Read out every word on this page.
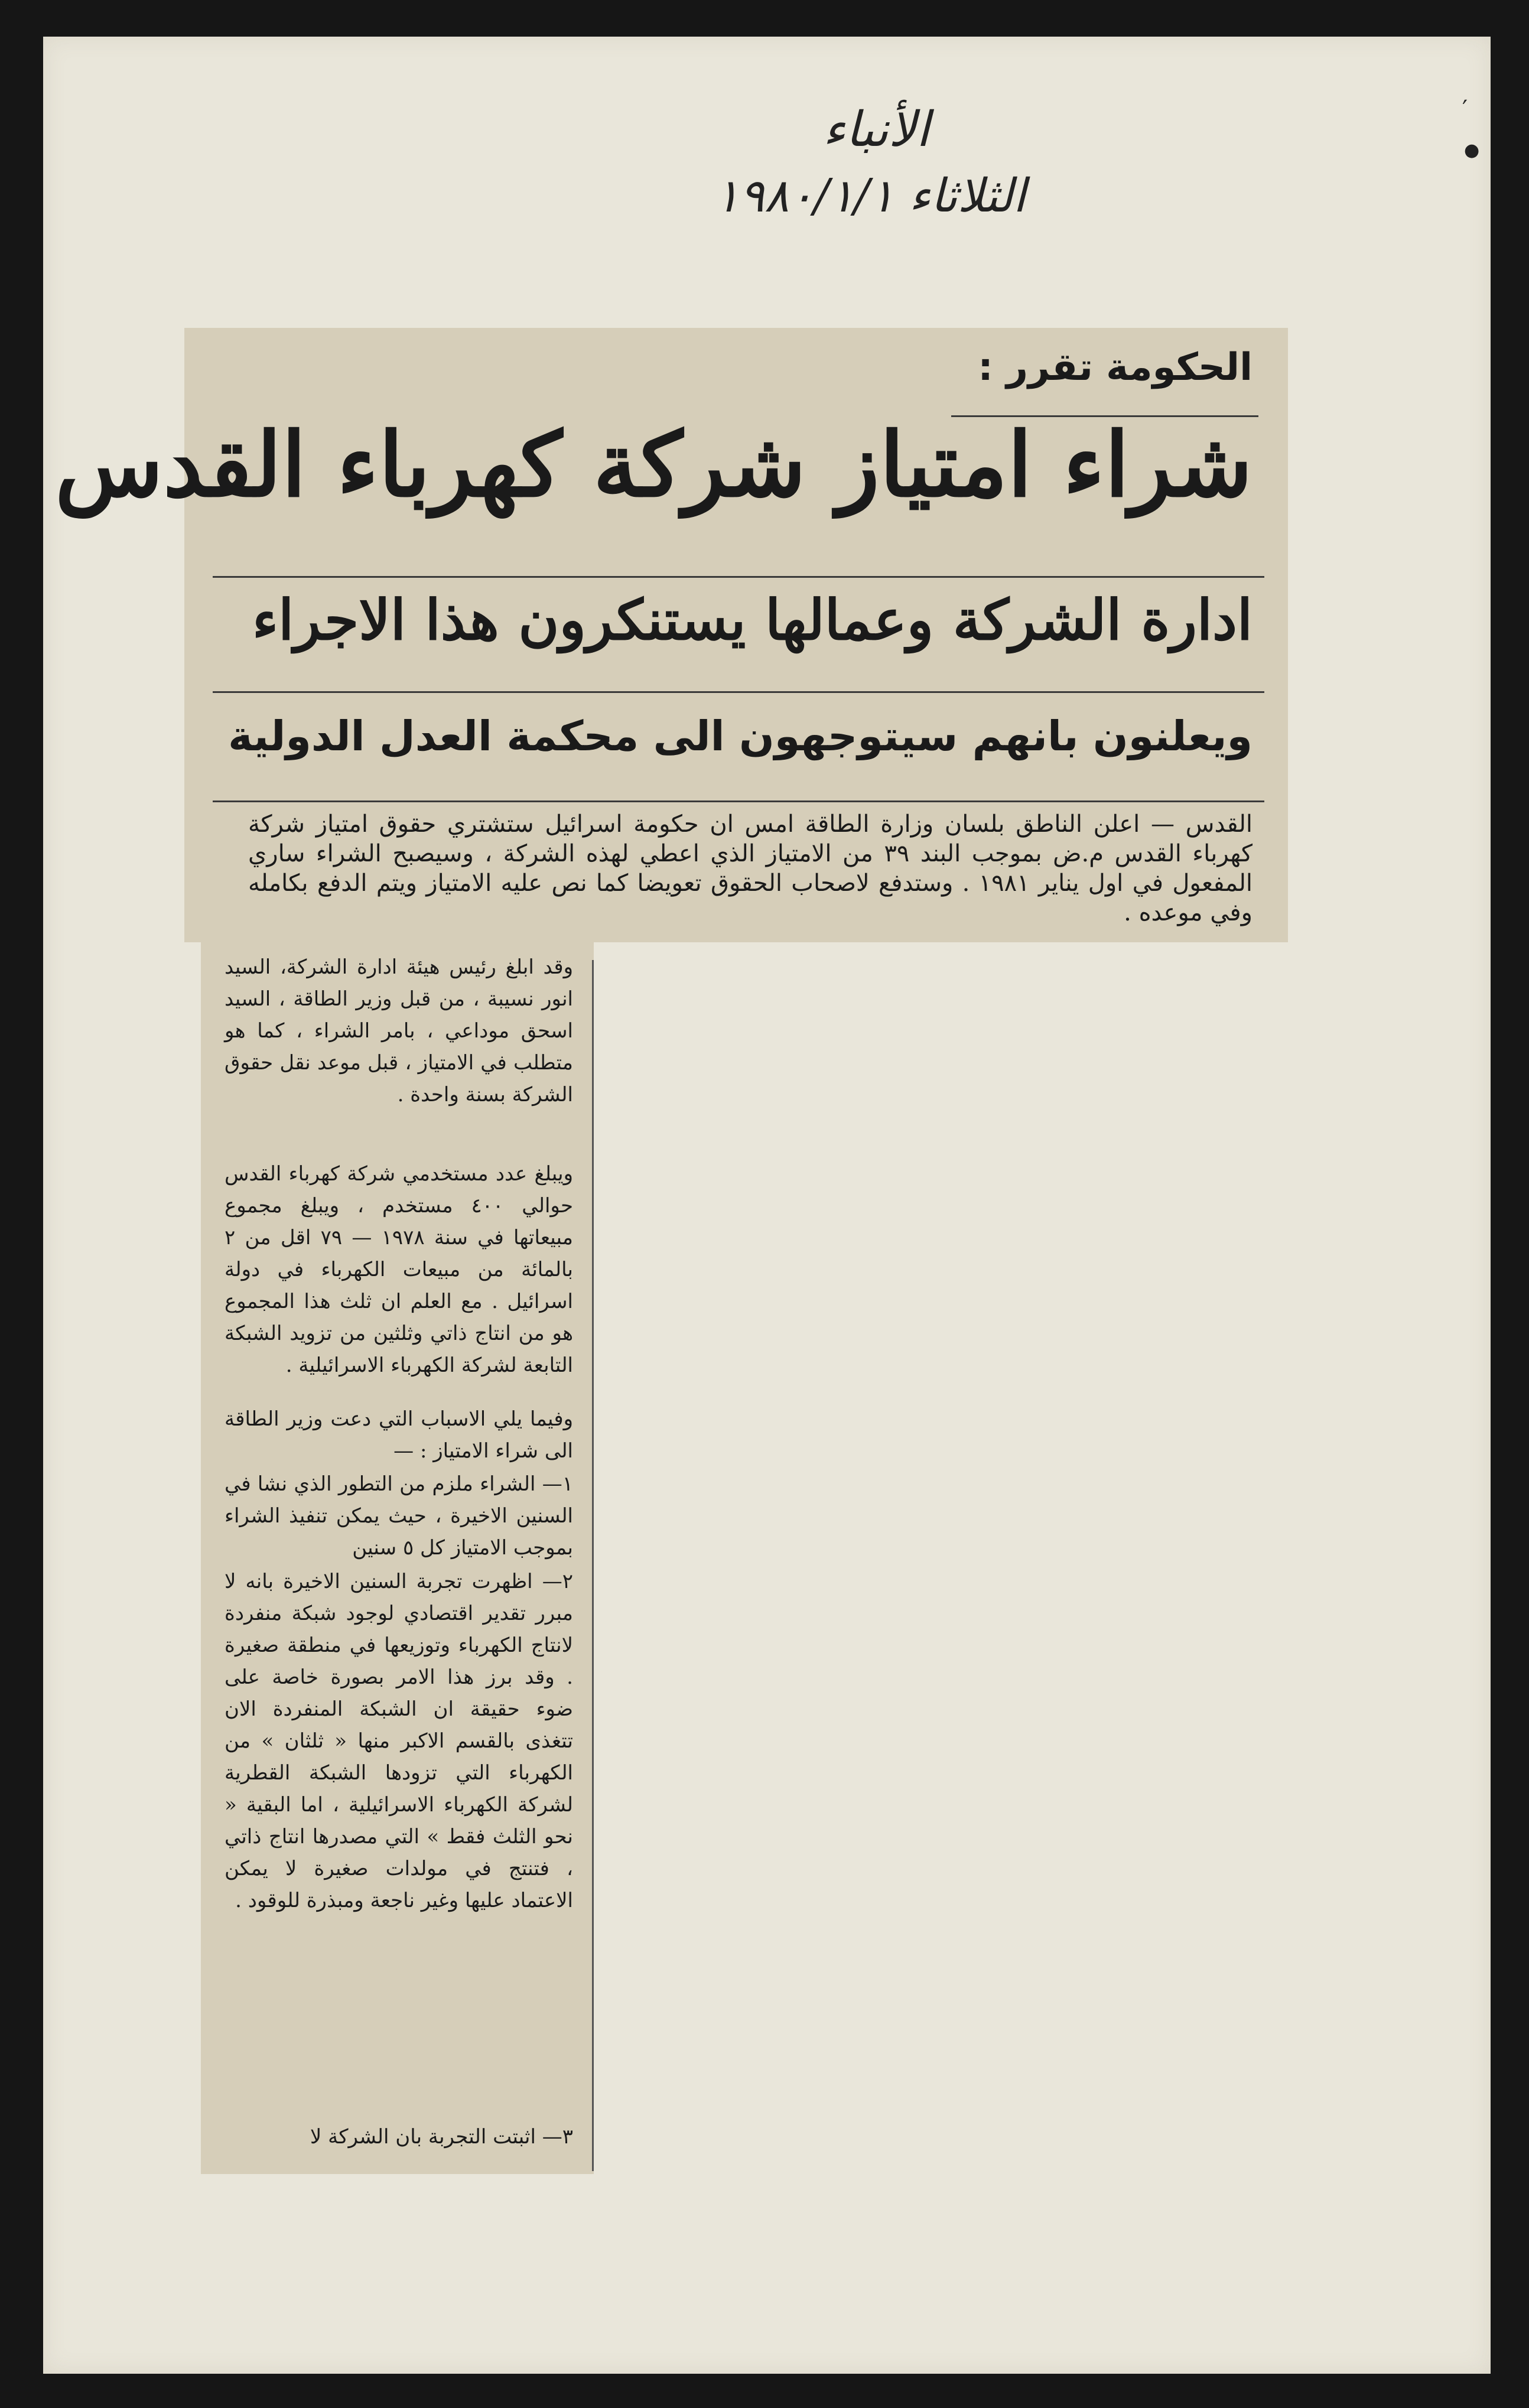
الأنباء
الثلاثاء ١٩٨٠/١/١
′
●
الحكومة تقرر :
شراء امتياز شركة كهرباء القدس
ادارة الشركة وعمالها يستنكرون هذا الاجراء
ويعلنون بانهم سيتوجهون الى محكمة العدل الدولية
القدس — اعلن الناطق بلسان وزارة الطاقة امس ان حكومة اسرائيل ستشتري حقوق امتياز شركة كهرباء القدس م.ض بموجب البند ٣٩ من الامتياز الذي اعطي لهذه الشركة ، وسيصبح الشراء ساري المفعول في اول يناير ١٩٨١ . وستدفع لاصحاب الحقوق تعويضا كما نص عليه الامتياز ويتم الدفع بكامله وفي موعده .
وقد ابلغ رئيس هيئة ادارة الشركة، السيد انور نسيبة ، من قبل وزير الطاقة ، السيد اسحق موداعي ، بامر الشراء ، كما هو متطلب في الامتياز ، قبل موعد نقل حقوق الشركة بسنة واحدة .
ويبلغ عدد مستخدمي شركة كهرباء القدس حوالي ٤٠٠ مستخدم ، ويبلغ مجموع مبيعاتها في سنة ١٩٧٨ — ٧٩ اقل من ٢ بالمائة من مبيعات الكهرباء في دولة اسرائيل . مع العلم ان ثلث هذا المجموع هو من انتاج ذاتي وثلثين من تزويد الشبكة التابعة لشركة الكهرباء الاسرائيلية .
وفيما يلي الاسباب التي دعت وزير الطاقة الى شراء الامتياز : —
١— الشراء ملزم من التطور الذي نشا في السنين الاخيرة ، حيث يمكن تنفيذ الشراء بموجب الامتياز كل ٥ سنين
٢— اظهرت تجربة السنين الاخيرة بانه لا مبرر تقدير اقتصادي لوجود شبكة منفردة لانتاج الكهرباء وتوزيعها في منطقة صغيرة . وقد برز هذا الامر بصورة خاصة على ضوء حقيقة ان الشبكة المنفردة الان تتغذى بالقسم الاكبر منها « ثلثان » من الكهرباء التي تزودها الشبكة القطرية لشركة الكهرباء الاسرائيلية ، اما البقية « نحو الثلث فقط » التي مصدرها انتاج ذاتي ، فتنتج في مولدات صغيرة لا يمكن الاعتماد عليها وغير ناجعة ومبذرة للوقود .
٣— اثبتت التجربة بان الشركة لا
